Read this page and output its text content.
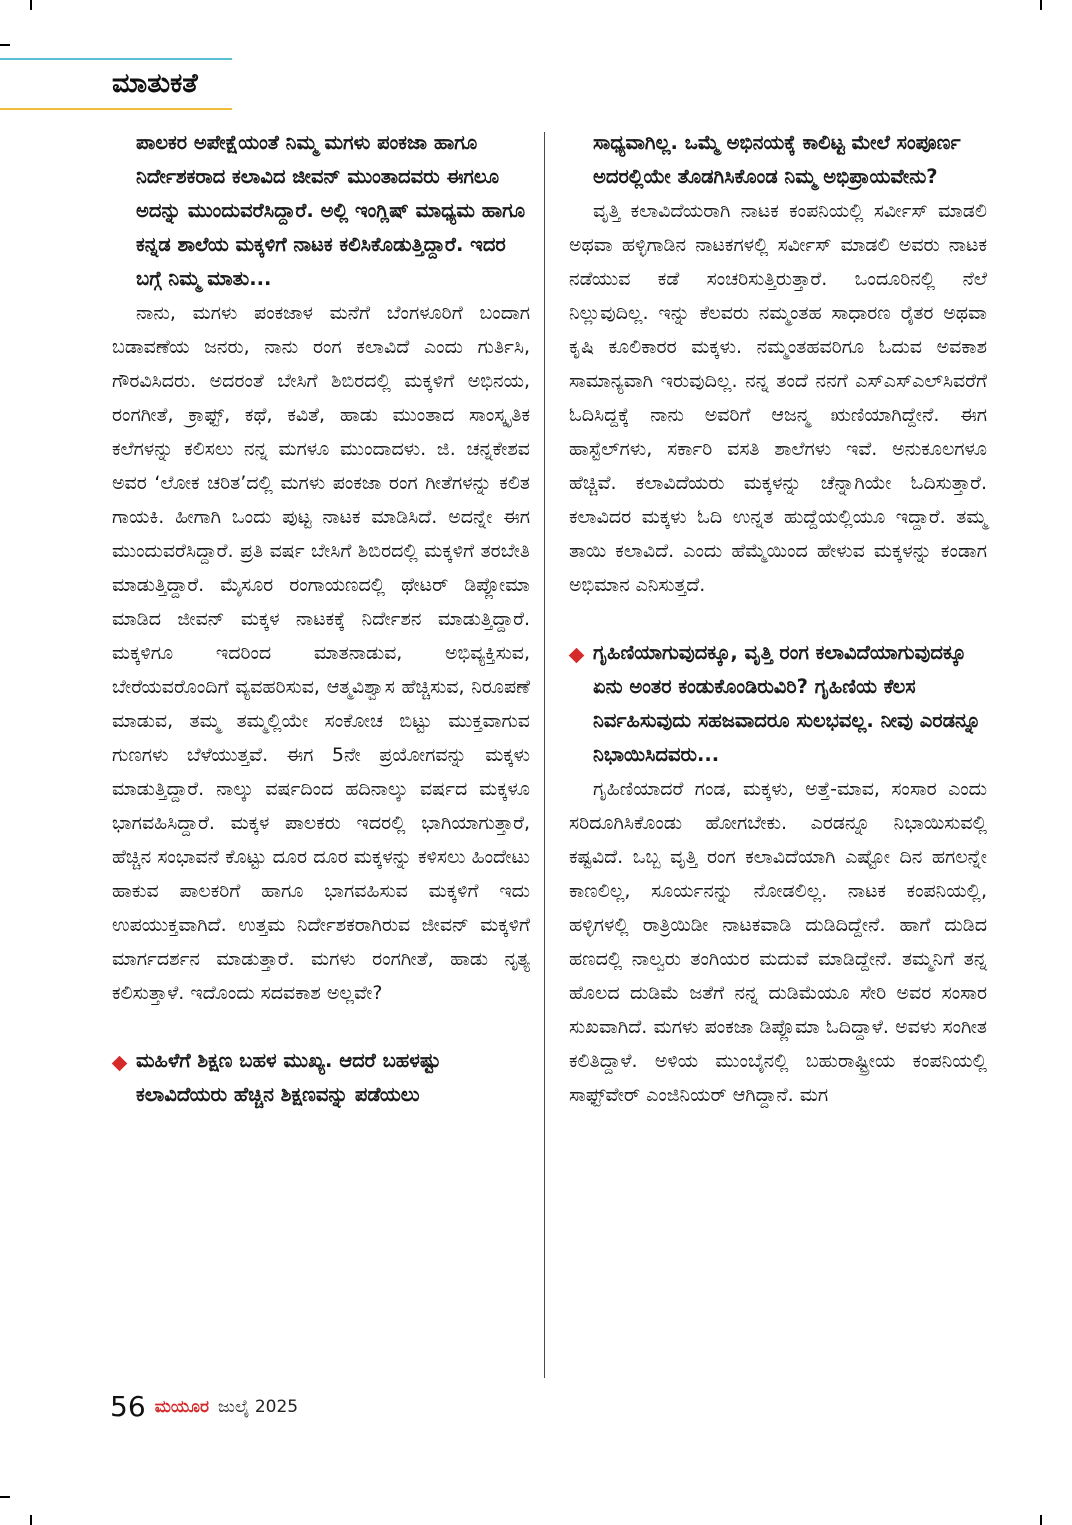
ಮಾತುಕತೆ

ಪಾಲಕರ ಅಪೇಕ್ಷೆಯಂತೆ ನಿಮ್ಮ ಮಗಳು ಪಂಕಜಾ ಹಾಗೂ ನಿರ್ದೇಶಕರಾದ ಕಲಾವಿದ ಜೀವನ್ ಮುಂತಾದವರು ಈಗಲೂ ಅದನ್ನು ಮುಂದುವರೆಸಿದ್ದಾರೆ. ಅಲ್ಲಿ ಇಂಗ್ಲಿಷ್ ಮಾಧ್ಯಮ ಹಾಗೂ ಕನ್ನಡ ಶಾಲೆಯ ಮಕ್ಕಳಿಗೆ ನಾಟಕ ಕಲಿಸಿಕೊಡುತ್ತಿದ್ದಾರೆ. ಇದರ ಬಗ್ಗೆ ನಿಮ್ಮ ಮಾತು...

ನಾನು, ಮಗಳು ಪಂಕಜಾಳ ಮನೆಗೆ ಬೆಂಗಳೂರಿಗೆ ಬಂದಾಗ ಬಡಾವಣೆಯ ಜನರು, ನಾನು ರಂಗ ಕಲಾವಿದೆ ಎಂದು ಗುರ್ತಿಸಿ, ಗೌರವಿಸಿದರು. ಅದರಂತೆ ಬೇಸಿಗೆ ಶಿಬಿರದಲ್ಲಿ ಮಕ್ಕಳಿಗೆ ಅಭಿನಯ, ರಂಗಗೀತೆ, ಕ್ರಾಫ್ಟ್, ಕಥೆ, ಕವಿತೆ, ಹಾಡು ಮುಂತಾದ ಸಾಂಸ್ಕೃತಿಕ ಕಲೆಗಳನ್ನು ಕಲಿಸಲು ನನ್ನ ಮಗಳೂ ಮುಂದಾದಳು. ಜಿ. ಚನ್ನಕೇಶವ ಅವರ ‘ಲೋಕ ಚರಿತ’ದಲ್ಲಿ ಮಗಳು ಪಂಕಜಾ ರಂಗ ಗೀತೆಗಳನ್ನು ಕಲಿತ ಗಾಯಕಿ. ಹೀಗಾಗಿ ಒಂದು ಪುಟ್ಟ ನಾಟಕ ಮಾಡಿಸಿದೆ. ಅದನ್ನೇ ಈಗ ಮುಂದುವರೆಸಿದ್ದಾರೆ. ಪ್ರತಿ ವರ್ಷ ಬೇಸಿಗೆ ಶಿಬಿರದಲ್ಲಿ ಮಕ್ಕಳಿಗೆ ತರಬೇತಿ ಮಾಡುತ್ತಿದ್ದಾರೆ. ಮೈಸೂರ ರಂಗಾಯಣದಲ್ಲಿ ಥೇಟರ್ ಡಿಪ್ಲೋಮಾ ಮಾಡಿದ ಜೀವನ್ ಮಕ್ಕಳ ನಾಟಕಕ್ಕೆ ನಿರ್ದೇಶನ ಮಾಡುತ್ತಿದ್ದಾರೆ. ಮಕ್ಕಳಿಗೂ ಇದರಿಂದ ಮಾತನಾಡುವ, ಅಭಿವ್ಯಕ್ತಿಸುವ, ಬೇರೆಯವರೊಂದಿಗೆ ವ್ಯವಹರಿಸುವ, ಆತ್ಮವಿಶ್ವಾಸ ಹೆಚ್ಚಿಸುವ, ನಿರೂಪಣೆ ಮಾಡುವ, ತಮ್ಮ ತಮ್ಮಲ್ಲಿಯೇ ಸಂಕೋಚ ಬಿಟ್ಟು ಮುಕ್ತವಾಗುವ ಗುಣಗಳು ಬೆಳೆಯುತ್ತವೆ. ಈಗ 5ನೇ ಪ್ರಯೋಗವನ್ನು ಮಕ್ಕಳು ಮಾಡುತ್ತಿದ್ದಾರೆ. ನಾಲ್ಕು ವರ್ಷದಿಂದ ಹದಿನಾಲ್ಕು ವರ್ಷದ ಮಕ್ಕಳೂ ಭಾಗವಹಿಸಿದ್ದಾರೆ. ಮಕ್ಕಳ ಪಾಲಕರು ಇದರಲ್ಲಿ ಭಾಗಿಯಾಗುತ್ತಾರೆ, ಹೆಚ್ಚಿನ ಸಂಭಾವನೆ ಕೊಟ್ಟು ದೂರ ದೂರ ಮಕ್ಕಳನ್ನು ಕಳಿಸಲು ಹಿಂದೇಟು ಹಾಕುವ ಪಾಲಕರಿಗೆ ಹಾಗೂ ಭಾಗವಹಿಸುವ ಮಕ್ಕಳಿಗೆ ಇದು ಉಪಯುಕ್ತವಾಗಿದೆ. ಉತ್ತಮ ನಿರ್ದೇಶಕರಾಗಿರುವ ಜೀವನ್ ಮಕ್ಕಳಿಗೆ ಮಾರ್ಗದರ್ಶನ ಮಾಡುತ್ತಾರೆ. ಮಗಳು ರಂಗಗೀತೆ, ಹಾಡು ನೃತ್ಯ ಕಲಿಸುತ್ತಾಳೆ. ಇದೊಂದು ಸದವಕಾಶ ಅಲ್ಲವೇ?

ಮಹಿಳೆಗೆ ಶಿಕ್ಷಣ ಬಹಳ ಮುಖ್ಯ. ಆದರೆ ಬಹಳಷ್ಟು ಕಲಾವಿದೆಯರು ಹೆಚ್ಚಿನ ಶಿಕ್ಷಣವನ್ನು ಪಡೆಯಲು

ಸಾಧ್ಯವಾಗಿಲ್ಲ. ಒಮ್ಮೆ ಅಭಿನಯಕ್ಕೆ ಕಾಲಿಟ್ಟ ಮೇಲೆ ಸಂಪೂರ್ಣ ಅದರಲ್ಲಿಯೇ ತೊಡಗಿಸಿಕೊಂಡ ನಿಮ್ಮ ಅಭಿಪ್ರಾಯವೇನು?

ವೃತ್ತಿ ಕಲಾವಿದೆಯರಾಗಿ ನಾಟಕ ಕಂಪನಿಯಲ್ಲಿ ಸರ್ವೀಸ್ ಮಾಡಲಿ ಅಥವಾ ಹಳ್ಳಿಗಾಡಿನ ನಾಟಕಗಳಲ್ಲಿ ಸರ್ವೀಸ್ ಮಾಡಲಿ ಅವರು ನಾಟಕ ನಡೆಯುವ ಕಡೆ ಸಂಚರಿಸುತ್ತಿರುತ್ತಾರೆ. ಒಂದೂರಿನಲ್ಲಿ ನೆಲೆ ನಿಲ್ಲುವುದಿಲ್ಲ. ಇನ್ನು ಕೆಲವರು ನಮ್ಮಂತಹ ಸಾಧಾರಣ ರೈತರ ಅಥವಾ ಕೃಷಿ ಕೂಲಿಕಾರರ ಮಕ್ಕಳು. ನಮ್ಮಂತಹವರಿಗೂ ಓದುವ ಅವಕಾಶ ಸಾಮಾನ್ಯವಾಗಿ ಇರುವುದಿಲ್ಲ. ನನ್ನ ತಂದೆ ನನಗೆ ಎಸ್‌ಎಸ್‌ಎಲ್‌ಸಿವರೆಗೆ ಓದಿಸಿದ್ದಕ್ಕೆ ನಾನು ಅವರಿಗೆ ಆಜನ್ಮ ಋಣಿಯಾಗಿದ್ದೇನೆ. ಈಗ ಹಾಸ್ಟೆಲ್‌ಗಳು, ಸರ್ಕಾರಿ ವಸತಿ ಶಾಲೆಗಳು ಇವೆ. ಅನುಕೂಲಗಳೂ ಹೆಚ್ಚಿವೆ. ಕಲಾವಿದೆಯರು ಮಕ್ಕಳನ್ನು ಚೆನ್ನಾಗಿಯೇ ಓದಿಸುತ್ತಾರೆ. ಕಲಾವಿದರ ಮಕ್ಕಳು ಓದಿ ಉನ್ನತ ಹುದ್ದೆಯಲ್ಲಿಯೂ ಇದ್ದಾರೆ. ತಮ್ಮ ತಾಯಿ ಕಲಾವಿದೆ. ಎಂದು ಹೆಮ್ಮೆಯಿಂದ ಹೇಳುವ ಮಕ್ಕಳನ್ನು ಕಂಡಾಗ ಅಭಿಮಾನ ಎನಿಸುತ್ತದೆ.

ಗೃಹಿಣಿಯಾಗುವುದಕ್ಕೂ, ವೃತ್ತಿ ರಂಗ ಕಲಾವಿದೆಯಾಗುವುದಕ್ಕೂ ಏನು ಅಂತರ ಕಂಡುಕೊಂಡಿರುವಿರಿ? ಗೃಹಿಣಿಯ ಕೆಲಸ ನಿರ್ವಹಿಸುವುದು ಸಹಜವಾದರೂ ಸುಲಭವಲ್ಲ. ನೀವು ಎರಡನ್ನೂ ನಿಭಾಯಿಸಿದವರು...

ಗೃಹಿಣಿಯಾದರೆ ಗಂಡ, ಮಕ್ಕಳು, ಅತ್ತೆ-ಮಾವ, ಸಂಸಾರ ಎಂದು ಸರಿದೂಗಿಸಿಕೊಂಡು ಹೋಗಬೇಕು. ಎರಡನ್ನೂ ನಿಭಾಯಿಸುವಲ್ಲಿ ಕಷ್ಟವಿದೆ. ಒಬ್ಬ ವೃತ್ತಿ ರಂಗ ಕಲಾವಿದೆಯಾಗಿ ಎಷ್ಟೋ ದಿನ ಹಗಲನ್ನೇ ಕಾಣಲಿಲ್ಲ, ಸೂರ್ಯನನ್ನು ನೋಡಲಿಲ್ಲ. ನಾಟಕ ಕಂಪನಿಯಲ್ಲಿ, ಹಳ್ಳಿಗಳಲ್ಲಿ ರಾತ್ರಿಯಿಡೀ ನಾಟಕವಾಡಿ ದುಡಿದಿದ್ದೇನೆ. ಹಾಗೆ ದುಡಿದ ಹಣದಲ್ಲಿ ನಾಲ್ವರು ತಂಗಿಯರ ಮದುವೆ ಮಾಡಿದ್ದೇನೆ. ತಮ್ಮನಿಗೆ ತನ್ನ ಹೊಲದ ದುಡಿಮೆ ಜತೆಗೆ ನನ್ನ ದುಡಿಮೆಯೂ ಸೇರಿ ಅವರ ಸಂಸಾರ ಸುಖವಾಗಿದೆ. ಮಗಳು ಪಂಕಜಾ ಡಿಪ್ಲೊಮಾ ಓದಿದ್ದಾಳೆ. ಅವಳು ಸಂಗೀತ ಕಲಿತಿದ್ದಾಳೆ. ಅಳಿಯ ಮುಂಬೈನಲ್ಲಿ ಬಹುರಾಷ್ಟ್ರೀಯ ಕಂಪನಿಯಲ್ಲಿ ಸಾಫ್ಟ್‌ವೇರ್ ಎಂಜಿನಿಯರ್ ಆಗಿದ್ದಾನೆ. ಮಗ

56 ಮಯೂರ ಜುಲೈ 2025
